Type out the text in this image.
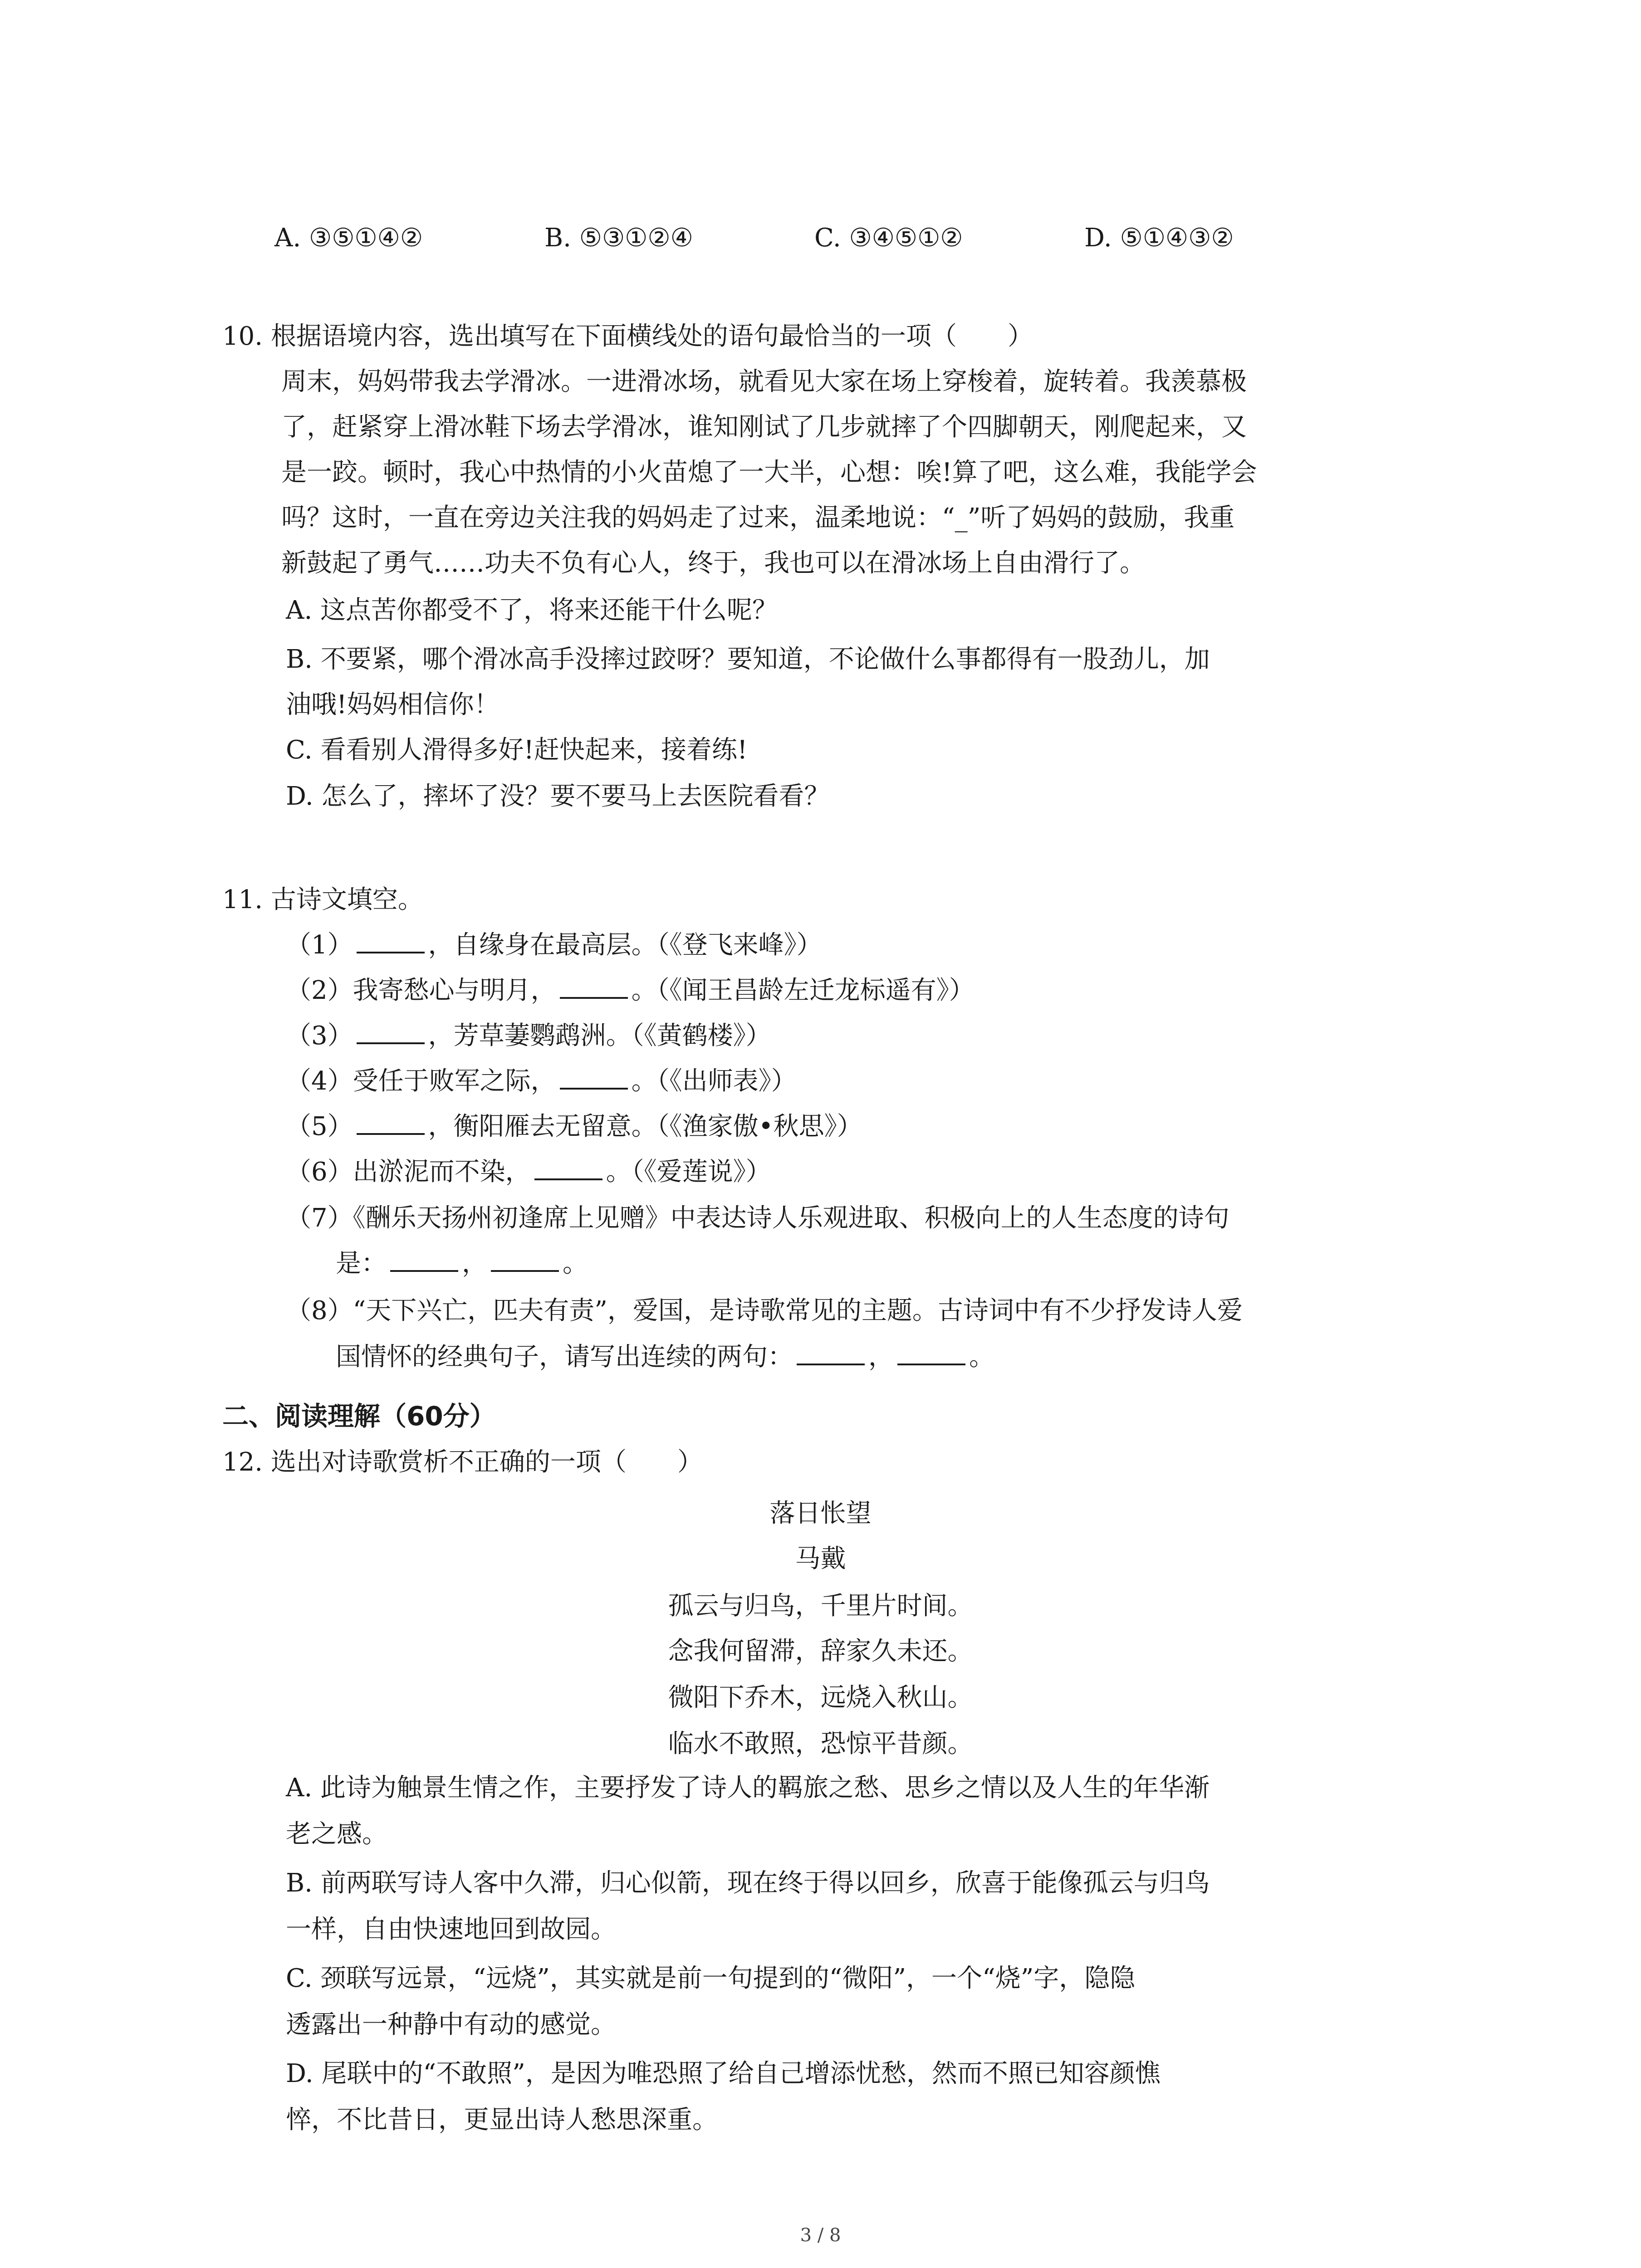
A. ③⑤①④②	B. ⑤③①②④	C. ③④⑤①②	D. ⑤①④③②
10. 根据语境内容，选出填写在下面横线处的语句最恰当的一项（　　）
周末，妈妈带我去学滑冰。一进滑冰场，就看见大家在场上穿梭着，旋转着。我羡慕极
了，赶紧穿上滑冰鞋下场去学滑冰，谁知刚试了几步就摔了个四脚朝天，刚爬起来，又
是一跤。顿时，我心中热情的小火苗熄了一大半，心想：唉!算了吧，这么难，我能学会
吗？这时，一直在旁边关注我的妈妈走了过来，温柔地说：“_”听了妈妈的鼓励，我重
新鼓起了勇气……功夫不负有心人，终于，我也可以在滑冰场上自由滑行了。
A. 这点苦你都受不了，将来还能干什么呢？
B. 不要紧，哪个滑冰高手没摔过跤呀？要知道，不论做什么事都得有一股劲儿，加
油哦!妈妈相信你！
C. 看看别人滑得多好!赶快起来，接着练!
D. 怎么了，摔坏了没？要不要马上去医院看看？
11. 古诗文填空。
（1）	，自缘身在最高层。（《登飞来峰》）
（2）我寄愁心与明月，	。（《闻王昌龄左迁龙标遥有》）
（3）	，芳草萋鹦鹉洲。（《黄鹤楼》）
（4）受任于败军之际，	。（《出师表》）
（5）	，衡阳雁去无留意。（《渔家傲•秋思》）
（6）出淤泥而不染，	。（《爱莲说》）
（7）《酬乐天扬州初逢席上见赠》中表达诗人乐观进取、积极向上的人生态度的诗句
是：	，	。
（8）“天下兴亡，匹夫有责”，爱国，是诗歌常见的主题。古诗词中有不少抒发诗人爱
国情怀的经典句子，请写出连续的两句：	，	。
二、阅读理解（60分）
12. 选出对诗歌赏析不正确的一项（　　）
落日怅望
马戴
孤云与归鸟，千里片时间。
念我何留滞，辞家久未还。
微阳下乔木，远烧入秋山。
临水不敢照，恐惊平昔颜。
A. 此诗为触景生情之作，主要抒发了诗人的羁旅之愁、思乡之情以及人生的年华渐
老之感。
B. 前两联写诗人客中久滞，归心似箭，现在终于得以回乡，欣喜于能像孤云与归鸟
一样，自由快速地回到故园。
C. 颈联写远景，“远烧”，其实就是前一句提到的“微阳”，一个“烧”字，隐隐
透露出一种静中有动的感觉。
D. 尾联中的“不敢照”，是因为唯恐照了给自己增添忧愁，然而不照已知容颜憔
悴，不比昔日，更显出诗人愁思深重。
3 / 8
